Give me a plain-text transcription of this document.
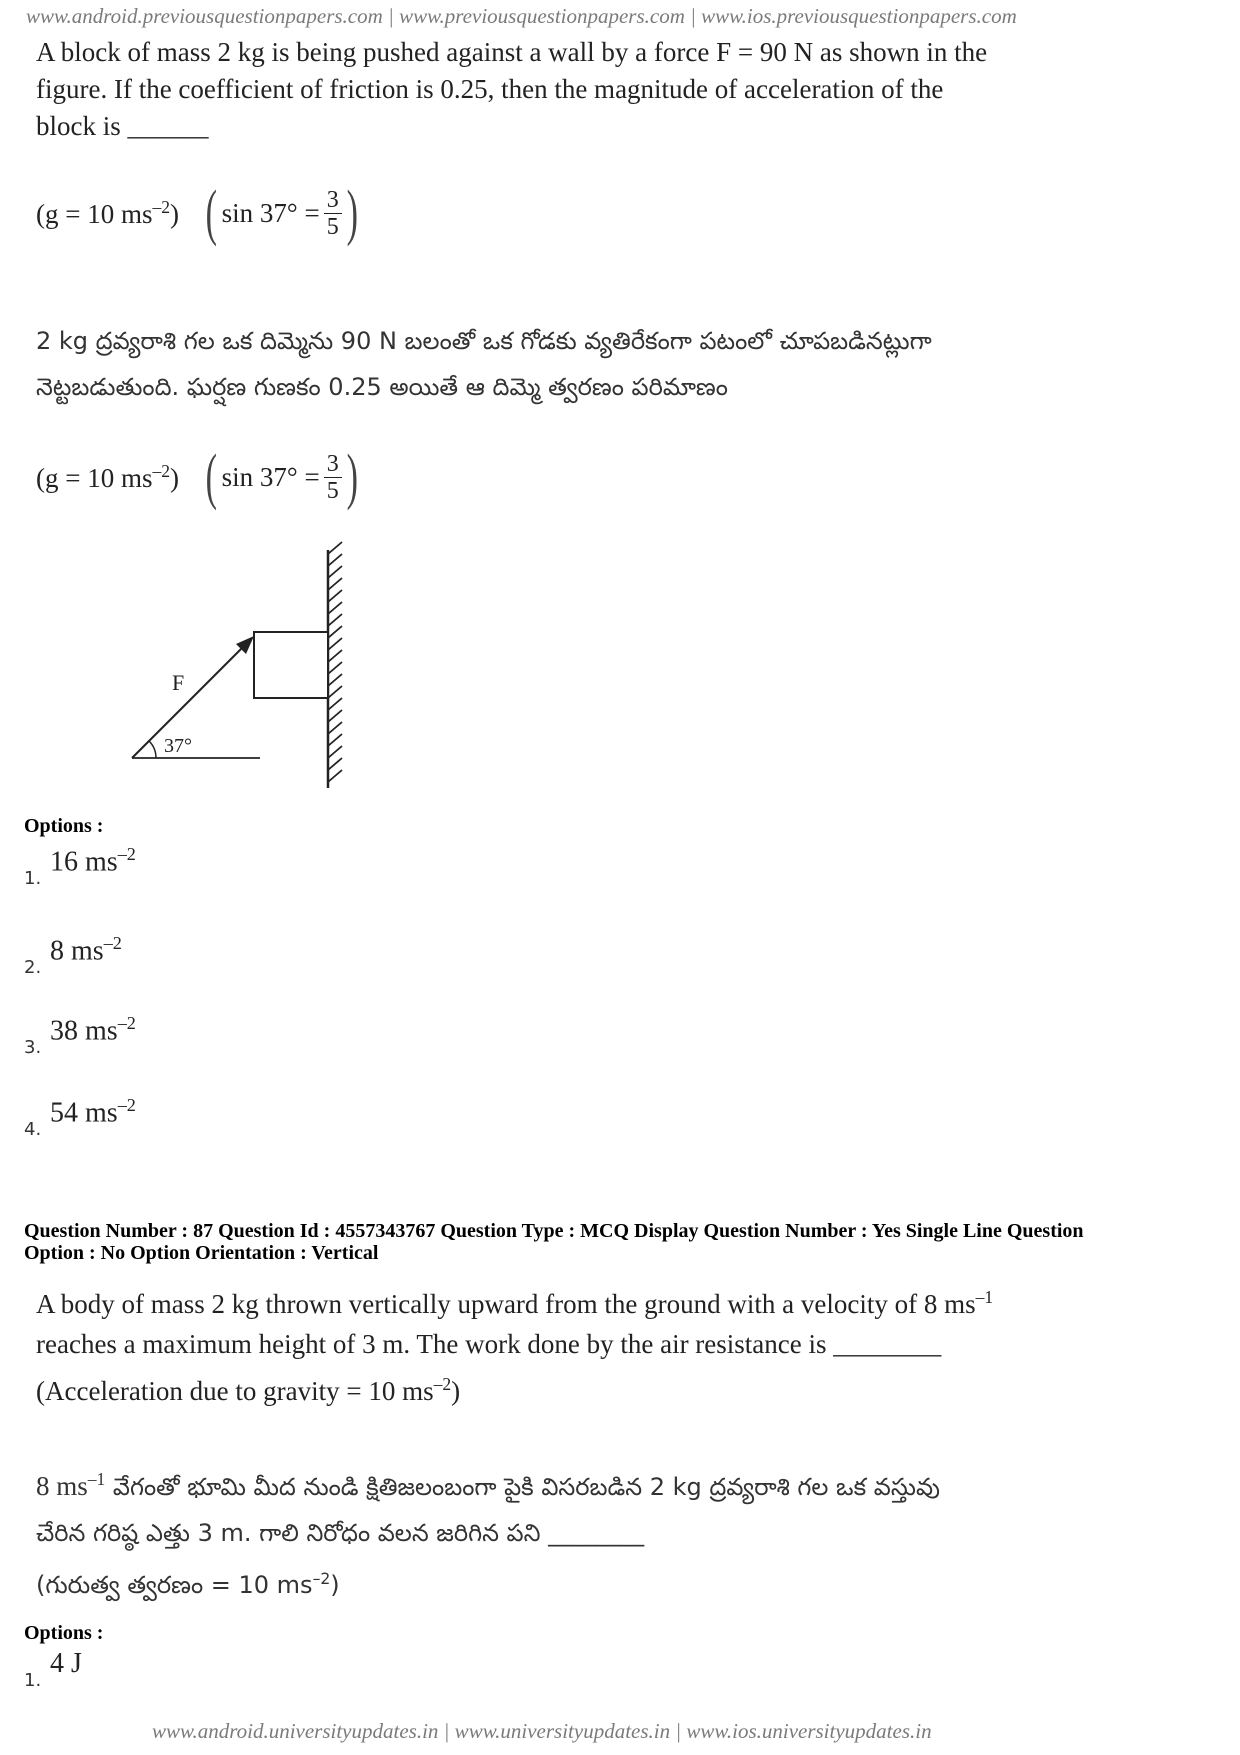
www.android.previousquestionpapers.com | www.previousquestionpapers.com | www.ios.previousquestionpapers.com
A block of mass 2 kg is being pushed against a wall by a force F = 90 N as shown in the
figure. If the coefficient of friction is 0.25, then the magnitude of acceleration of the
block is ______
(g = 10 $ms^{-2}$) ( $\sin 37^\circ = \frac{3}{5}$ )
2 kg ద్రవ్యరాశి గల ఒక దిమ్మెను 90 N బలంతో ఒక గోడకు వ్యతిరేకంగా పటంలో చూపబడినట్లుగా
నెట్టబడుతుంది. ఘర్షణ గుణకం 0.25 అయితే ఆ దిమ్మె త్వరణం పరిమాణం
(g = 10 $ms^{-2}$) ( $\sin 37^\circ = \frac{3}{5}$ )
F
37°
Options :
1.
16 $ms^{-2}$
2.
8 $ms^{-2}$
3.
38 $ms^{-2}$
4.
54 $ms^{-2}$
Question Number : 87 Question Id : 4557343767 Question Type : MCQ Display Question Number : Yes Single Line Question
Option : No Option Orientation : Vertical
A body of mass 2 kg thrown vertically upward from the ground with a velocity of 8 $ms^{-1}$
reaches a maximum height of 3 m. The work done by the air resistance is ________
(Acceleration due to gravity = 10 $ms^{-2}$)
8 $ms^{-1}$ వేగంతో భూమి మీద నుండి క్షితిజలంబంగా పైకి విసరబడిన 2 kg ద్రవ్యరాశి గల ఒక వస్తువు
చేరిన గరిష్ఠ ఎత్తు 3 m. గాలి నిరోధం వలన జరిగిన పని ________
(గురుత్వ త్వరణం = 10 $ms^{-2}$)
Options :
1.
4 J
www.android.universityupdates.in | www.universityupdates.in | www.ios.universityupdates.in
